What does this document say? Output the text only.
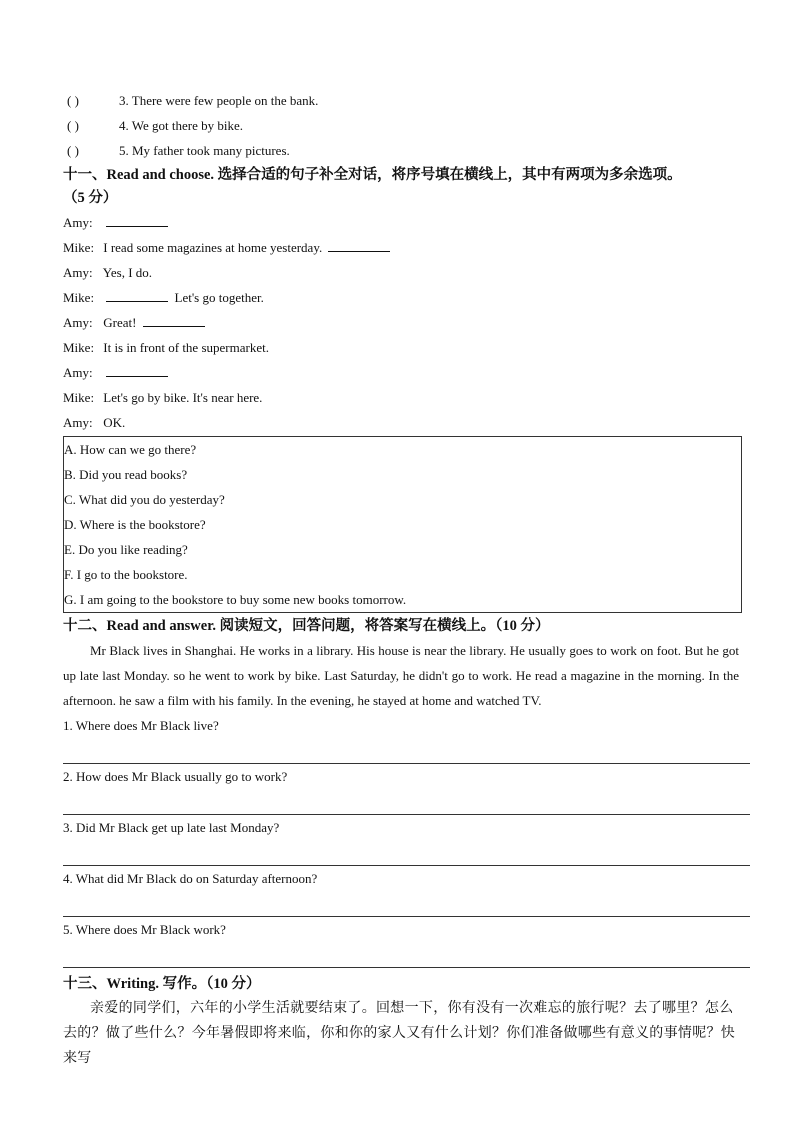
( )	3. There were few people on the bank.
( )	4. We got there by bike.
( )	5. My father took many pictures.
十一、Read and choose. 选择合适的句子补全对话，将序号填在横线上，其中有两项为多余选项。
（5 分）
Amy:
Mike: I read some magazines at home yesterday.
Amy: Yes, I do.
Mike:	Let's go together.
Amy: Great!
Mike: It is in front of the supermarket.
Amy:
Mike: Let's go by bike. It's near here.
Amy: OK.
A. How can we go there?
B. Did you read books?
C. What did you do yesterday?
D. Where is the bookstore?
E. Do you like reading?
F. I go to the bookstore.
G. I am going to the bookstore to buy some new books tomorrow.
十二、Read and answer. 阅读短文，回答问题，将答案写在横线上。（10 分）
Mr Black lives in Shanghai. He works in a library. His house is near the library. He usually goes to work on foot. But he got up late last Monday. so he went to work by bike. Last Saturday, he didn't go to work. He read a magazine in the morning. In the afternoon. he saw a film with his family. In the evening, he stayed at home and watched TV.
1. Where does Mr Black live?
2. How does Mr Black usually go to work?
3. Did Mr Black get up late last Monday?
4. What did Mr Black do on Saturday afternoon?
5. Where does Mr Black work?
十三、Writing. 写作。（10 分）
亲爱的同学们，六年的小学生活就要结束了。回想一下，你有没有一次难忘的旅行呢？去了哪里？怎么去的？做了些什么？今年暑假即将来临，你和你的家人又有什么计划？你们准备做哪些有意义的事情呢？快来写
